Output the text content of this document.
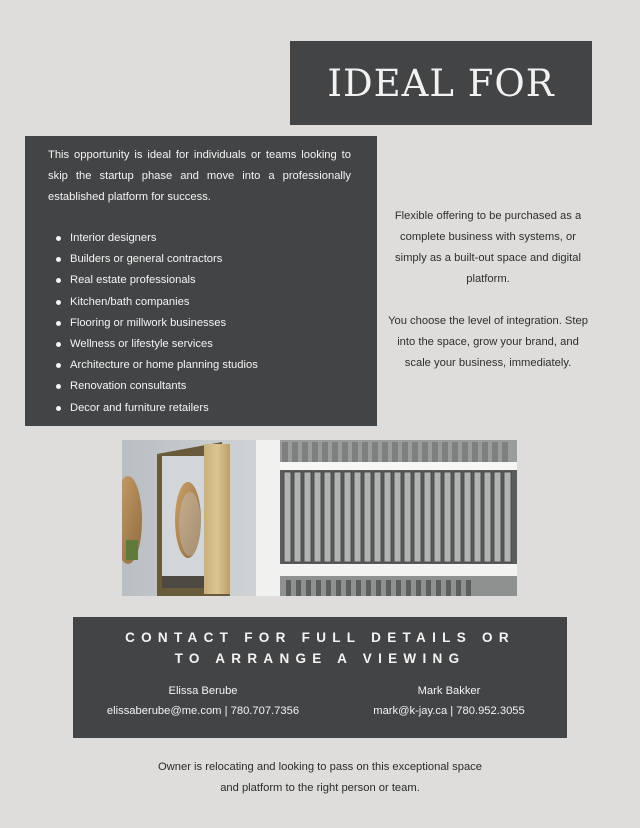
IDEAL FOR

This opportunity is ideal for individuals or teams looking to skip the startup phase and move into a professionally established platform for success.

Interior designers
Builders or general contractors
Real estate professionals
Kitchen/bath companies
Flooring or millwork businesses
Wellness or lifestyle services
Architecture or home planning studios
Renovation consultants
Decor and furniture retailers

Flexible offering to be purchased as a complete business with systems, or simply as a built-out space and digital platform.

You choose the level of integration. Step into the space, grow your brand, and scale your business, immediately.

CONTACT FOR FULL DETAILS OR
TO ARRANGE A VIEWING
Elissa Berube
elissaberube@me.com | 780.707.7356
Mark Bakker
mark@k-jay.ca | 780.952.3055
Owner is relocating and looking to pass on this exceptional space and platform to the right person or team.
